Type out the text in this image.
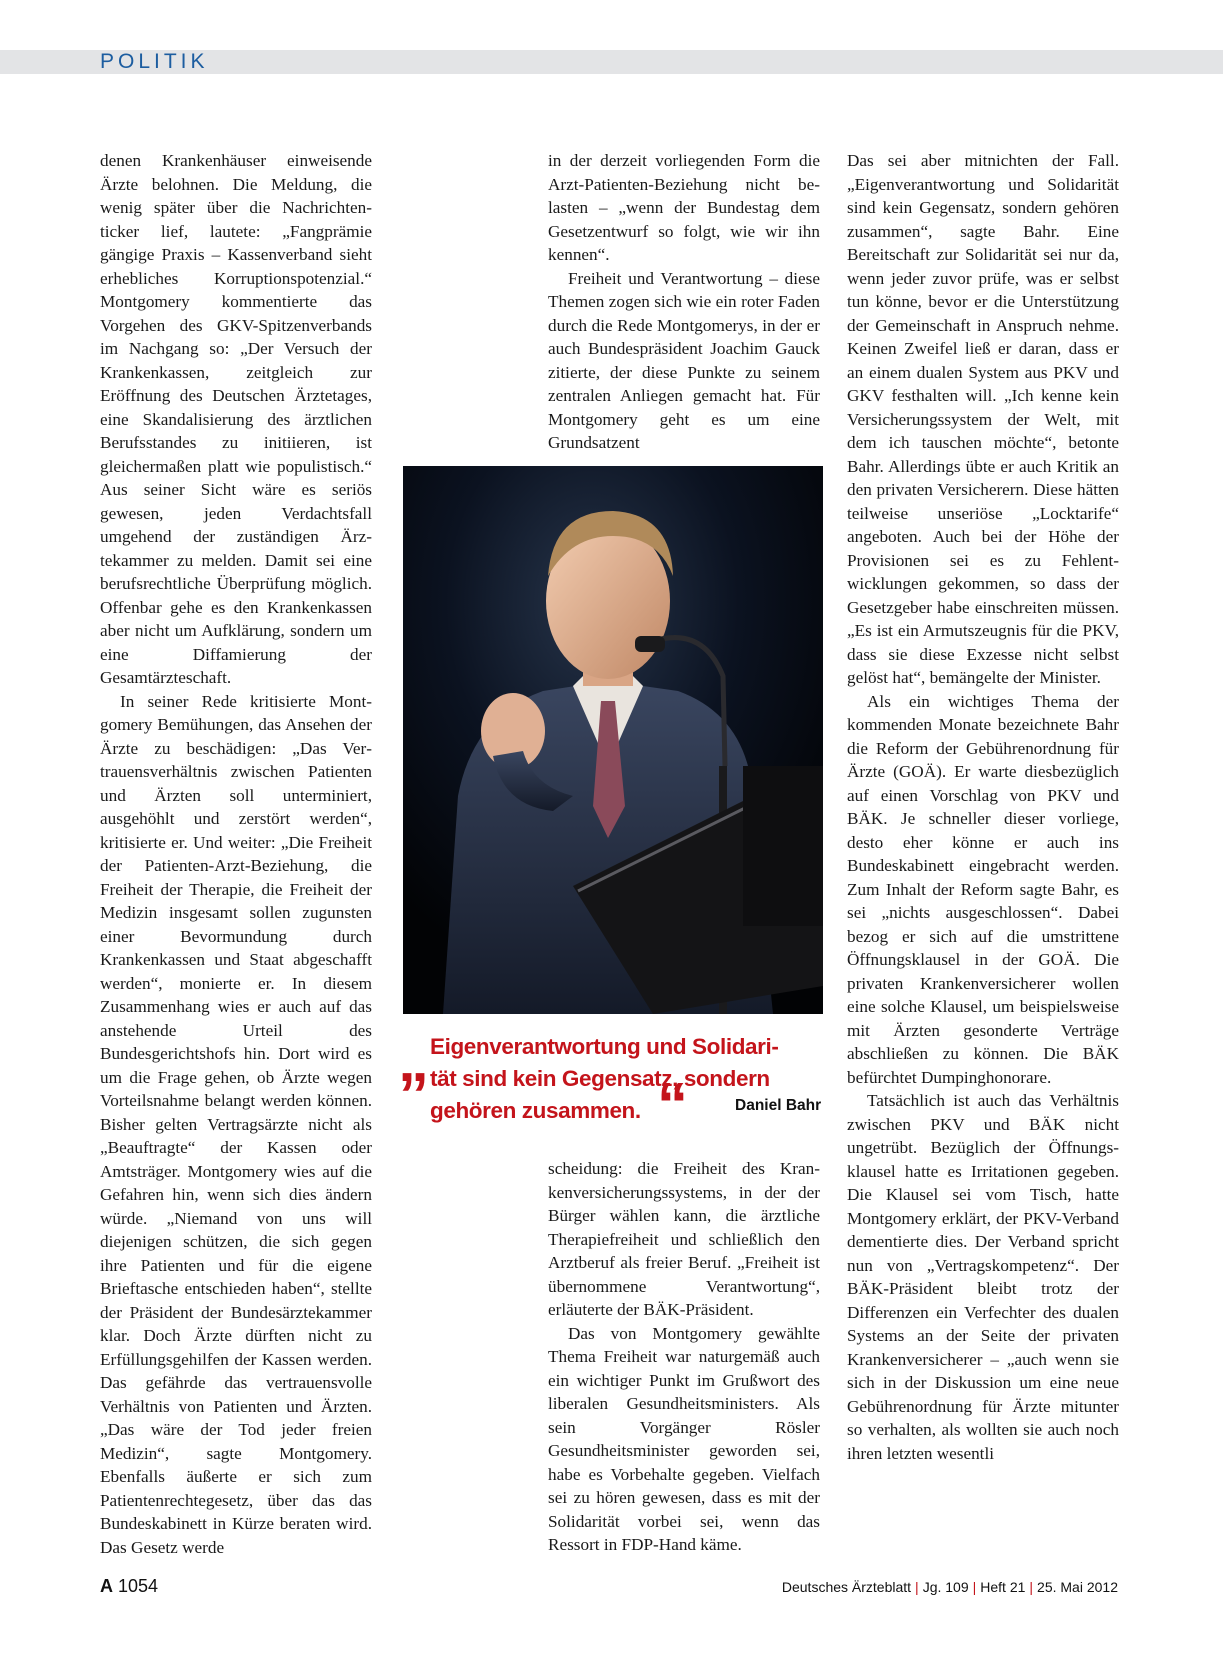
POLITIK

denen Krankenhäuser einweisende Ärzte belohnen. Die Meldung, die wenig später über die Nachrichtenticker lief, lautete: „Fangprämie gängige Praxis – Kassenverband sieht erhebliches Korruptionspotenzial.“ Montgomery kommentierte das Vorgehen des GKV-Spitzenverbands im Nachgang so: „Der Versuch der Krankenkassen, zeitgleich zur Eröffnung des Deutschen Ärztetages, eine Skandalisierung des ärztlichen Berufsstandes zu initiieren, ist gleichermaßen platt wie populistisch.“ Aus seiner Sicht wäre es seriös gewesen, jeden Verdachtsfall umgehend der zuständigen Ärztekammer zu melden. Damit sei eine berufsrechtliche Überprüfung möglich. Offenbar gehe es den Krankenkassen aber nicht um Aufklärung, sondern um eine Diffamierung der Gesamtärzteschaft.

In seiner Rede kritisierte Montgomery Bemühungen, das Ansehen der Ärzte zu beschädigen: „Das Vertrauensverhältnis zwischen Patienten und Ärzten soll unterminiert, ausgehöhlt und zerstört werden“, kritisierte er. Und weiter: „Die Freiheit der Patienten-Arzt-Beziehung, die Freiheit der Therapie, die Freiheit der Medizin insgesamt sollen zugunsten einer Bevormundung durch Krankenkassen und Staat abgeschafft werden“, monierte er. In diesem Zusammenhang wies er auch auf das anstehende Urteil des Bundesgerichtshofs hin. Dort wird es um die Frage gehen, ob Ärzte wegen Vorteilsnahme belangt werden können. Bisher gelten Vertragsärzte nicht als „Beauftragte“ der Kassen oder Amtsträger. Montgomery wies auf die Gefahren hin, wenn sich dies ändern würde. „Niemand von uns will diejenigen schützen, die sich gegen ihre Patienten und für die eigene Brieftasche entschieden haben“, stellte der Präsident der Bundesärztekammer klar. Doch Ärzte dürften nicht zu Erfüllungsgehilfen der Kassen werden. Das gefährde das vertrauensvolle Verhältnis von Patienten und Ärzten. „Das wäre der Tod jeder freien Medizin“, sagte Montgomery. Ebenfalls äußerte er sich zum Patientenrechtegesetz, über das das Bundeskabinett in Kürze beraten wird. Das Gesetz werde

in der derzeit vorliegenden Form die Arzt-Patienten-Beziehung nicht belasten – „wenn der Bundestag dem Gesetzentwurf so folgt, wie wir ihn kennen“.

Freiheit und Verantwortung – diese Themen zogen sich wie ein roter Faden durch die Rede Montgomerys, in der er auch Bundespräsident Joachim Gauck zitierte, der diese Punkte zu seinem zentralen Anliegen gemacht hat. Für Montgomery geht es um eine Grundsatzent

„ Eigenverantwortung und Solidari-
tät sind kein Gegensatz, sondern
gehören zusammen. “	Daniel Bahr

scheidung: die Freiheit des Krankenversicherungssystems, in der der Bürger wählen kann, die ärztliche Therapiefreiheit und schließlich den Arztberuf als freier Beruf. „Freiheit ist übernommene Verantwortung“, erläuterte der BÄK-Präsident.

Das von Montgomery gewählte Thema Freiheit war naturgemäß auch ein wichtiger Punkt im Grußwort des liberalen Gesundheitsministers. Als sein Vorgänger Rösler Gesundheitsminister geworden sei, habe es Vorbehalte gegeben. Vielfach sei zu hören gewesen, dass es mit der Solidarität vorbei sei, wenn das Ressort in FDP-Hand käme.

Das sei aber mitnichten der Fall. „Eigenverantwortung und Solidarität sind kein Gegensatz, sondern gehören zusammen“, sagte Bahr. Eine Bereitschaft zur Solidarität sei nur da, wenn jeder zuvor prüfe, was er selbst tun könne, bevor er die Unterstützung der Gemeinschaft in Anspruch nehme. Keinen Zweifel ließ er daran, dass er an einem dualen System aus PKV und GKV festhalten will. „Ich kenne kein Versicherungssystem der Welt, mit dem ich tauschen möchte“, betonte Bahr. Allerdings übte er auch Kritik an den privaten Versicherern. Diese hätten teilweise unseriöse „Locktarife“ angeboten. Auch bei der Höhe der Provisionen sei es zu Fehlentwicklungen gekommen, so dass der Gesetzgeber habe einschreiten müssen. „Es ist ein Armutszeugnis für die PKV, dass sie diese Exzesse nicht selbst gelöst hat“, bemängelte der Minister.

Als ein wichtiges Thema der kommenden Monate bezeichnete Bahr die Reform der Gebührenordnung für Ärzte (GOÄ). Er warte diesbezüglich auf einen Vorschlag von PKV und BÄK. Je schneller dieser vorliege, desto eher könne er auch ins Bundeskabinett eingebracht werden. Zum Inhalt der Reform sagte Bahr, es sei „nichts ausgeschlossen“. Dabei bezog er sich auf die umstrittene Öffnungsklausel in der GOÄ. Die privaten Krankenversicherer wollen eine solche Klausel, um beispielsweise mit Ärzten gesonderte Verträge abschließen zu können. Die BÄK befürchtet Dumpinghonorare.

Tatsächlich ist auch das Verhältnis zwischen PKV und BÄK nicht ungetrübt. Bezüglich der Öffnungsklausel hatte es Irritationen gegeben. Die Klausel sei vom Tisch, hatte Montgomery erklärt, der PKV-Verband dementierte dies. Der Verband spricht nun von „Vertragskompetenz“. Der BÄK-Präsident bleibt trotz der Differenzen ein Verfechter des dualen Systems an der Seite der privaten Krankenversicherer – „auch wenn sie sich in der Diskussion um eine neue Gebührenordnung für Ärzte mitunter so verhalten, als wollten sie auch noch ihren letzten wesentli

A 1054	Deutsches Ärzteblatt | Jg. 109 | Heft 21 | 25. Mai 2012
